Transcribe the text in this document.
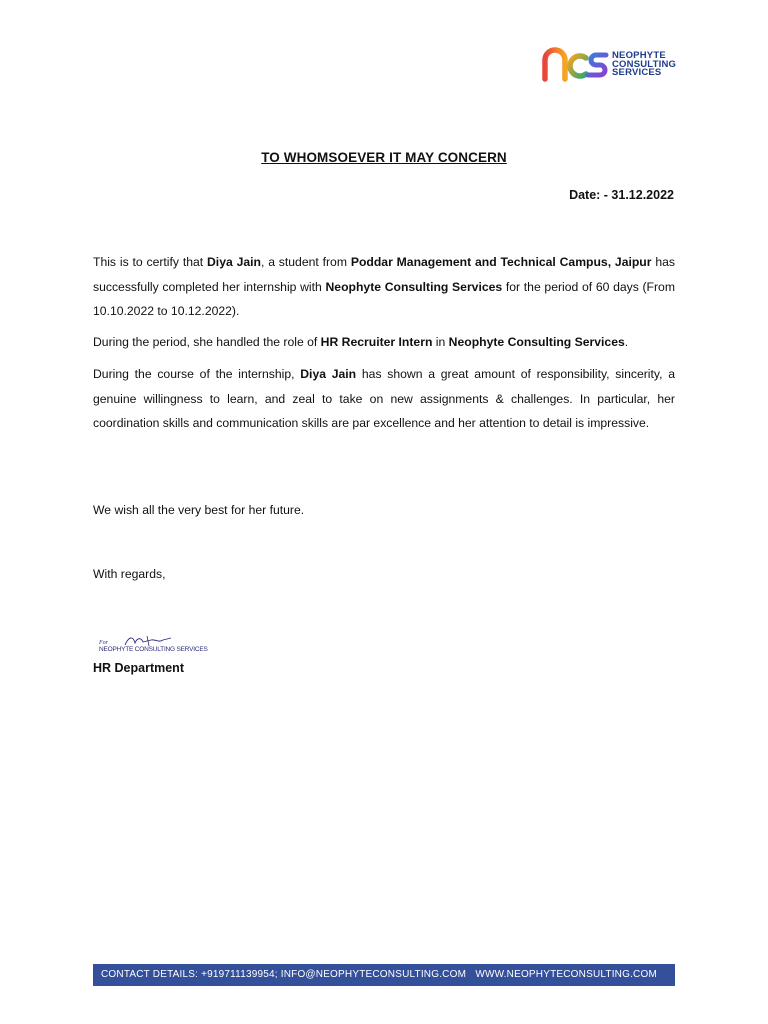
NEOPHYTE
CONSULTING
SERVICES
TO WHOMSOEVER IT MAY CONCERN
Date: - 31.12.2022
This is to certify that Diya Jain, a student from Poddar Management and Technical Campus, Jaipur has successfully completed her internship with Neophyte Consulting Services for the period of 60 days (From 10.10.2022 to 10.12.2022).
During the period, she handled the role of HR Recruiter Intern in Neophyte Consulting Services.
During the course of the internship, Diya Jain has shown a great amount of responsibility, sincerity, a genuine willingness to learn, and zeal to take on new assignments & challenges. In particular, her coordination skills and communication skills are par excellence and her attention to detail is impressive.
We wish all the very best for her future.
With regards,
For
NEOPHYTE CONSULTING SERVICES
HR Department
CONTACT DETAILS: +919711139954; INFO@NEOPHYTECONSULTING.COM WWW.NEOPHYTECONSULTING.COM
